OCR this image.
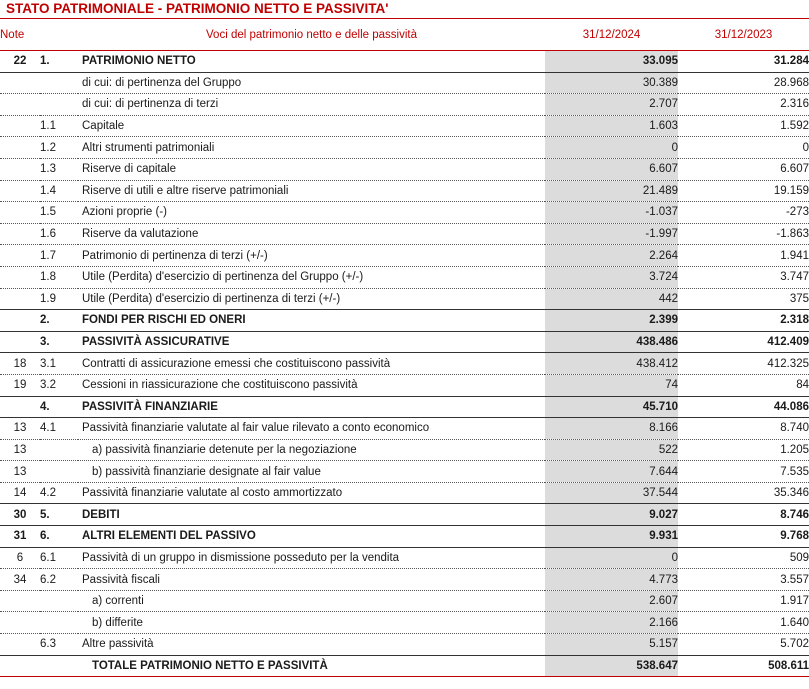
STATO PATRIMONIALE - PATRIMONIO NETTO E PASSIVITA'
Note		Voci del patrimonio netto e delle passività	31/12/2024	31/12/2023
22	1.	PATRIMONIO NETTO	33.095	31.284
		di cui: di pertinenza del Gruppo	30.389	28.968
		di cui: di pertinenza di terzi	2.707	2.316
	1.1	Capitale	1.603	1.592
	1.2	Altri strumenti patrimoniali	0	0
	1.3	Riserve di capitale	6.607	6.607
	1.4	Riserve di utili e altre riserve patrimoniali	21.489	19.159
	1.5	Azioni proprie (-)	-1.037	-273
	1.6	Riserve da valutazione	-1.997	-1.863
	1.7	Patrimonio di pertinenza di terzi (+/-)	2.264	1.941
	1.8	Utile (Perdita) d'esercizio di pertinenza del Gruppo (+/-)	3.724	3.747
	1.9	Utile (Perdita) d'esercizio di pertinenza di terzi (+/-)	442	375
	2.	FONDI PER RISCHI ED ONERI	2.399	2.318
	3.	PASSIVITÀ ASSICURATIVE	438.486	412.409
18	3.1	Contratti di assicurazione emessi che costituiscono passività	438.412	412.325
19	3.2	Cessioni in riassicurazione che costituiscono passività	74	84
	4.	PASSIVITÀ FINANZIARIE	45.710	44.086
13	4.1	Passività finanziarie valutate al fair value rilevato a conto economico	8.166	8.740
13		a) passività finanziarie detenute per la negoziazione	522	1.205
13		b) passività finanziarie designate al fair value	7.644	7.535
14	4.2	Passività finanziarie valutate al costo ammortizzato	37.544	35.346
30	5.	DEBITI	9.027	8.746
31	6.	ALTRI ELEMENTI DEL PASSIVO	9.931	9.768
6	6.1	Passività di un gruppo in dismissione posseduto per la vendita	0	509
34	6.2	Passività fiscali	4.773	3.557
		a) correnti	2.607	1.917
		b) differite	2.166	1.640
	6.3	Altre passività	5.157	5.702
		TOTALE PATRIMONIO NETTO E PASSIVITÀ	538.647	508.611
